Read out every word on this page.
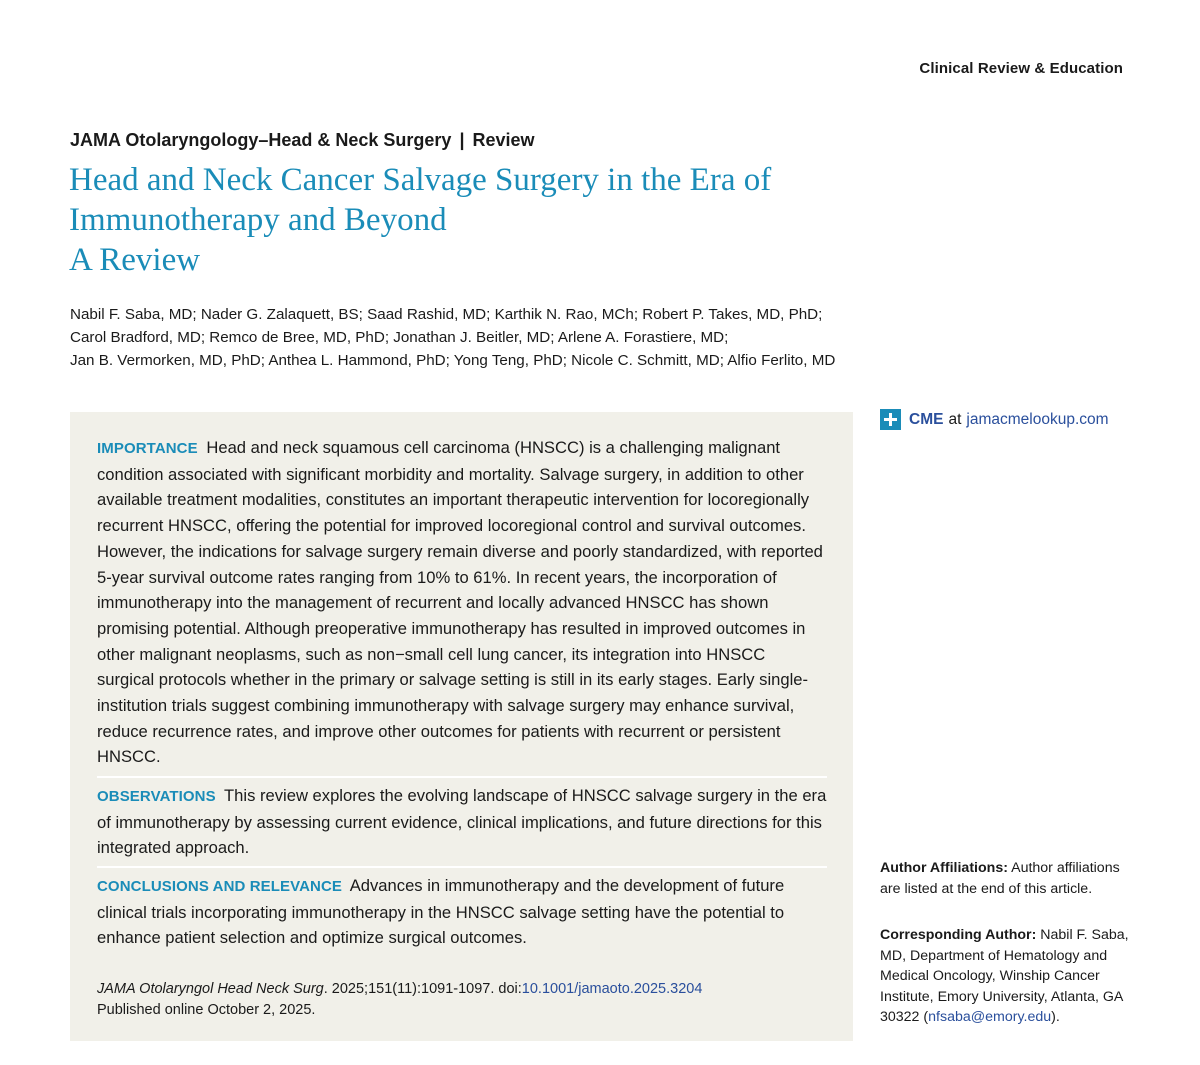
Clinical Review & Education
JAMA Otolaryngology–Head & Neck Surgery | Review
Head and Neck Cancer Salvage Surgery in the Era of Immunotherapy and Beyond
A Review
Nabil F. Saba, MD; Nader G. Zalaquett, BS; Saad Rashid, MD; Karthik N. Rao, MCh; Robert P. Takes, MD, PhD;
Carol Bradford, MD; Remco de Bree, MD, PhD; Jonathan J. Beitler, MD; Arlene A. Forastiere, MD;
Jan B. Vermorken, MD, PhD; Anthea L. Hammond, PhD; Yong Teng, PhD; Nicole C. Schmitt, MD; Alfio Ferlito, MD
IMPORTANCE Head and neck squamous cell carcinoma (HNSCC) is a challenging malignant condition associated with significant morbidity and mortality. Salvage surgery, in addition to other available treatment modalities, constitutes an important therapeutic intervention for locoregionally recurrent HNSCC, offering the potential for improved locoregional control and survival outcomes. However, the indications for salvage surgery remain diverse and poorly standardized, with reported 5-year survival outcome rates ranging from 10% to 61%. In recent years, the incorporation of immunotherapy into the management of recurrent and locally advanced HNSCC has shown promising potential. Although preoperative immunotherapy has resulted in improved outcomes in other malignant neoplasms, such as non−small cell lung cancer, its integration into HNSCC surgical protocols whether in the primary or salvage setting is still in its early stages. Early single-institution trials suggest combining immunotherapy with salvage surgery may enhance survival, reduce recurrence rates, and improve other outcomes for patients with recurrent or persistent HNSCC.
OBSERVATIONS This review explores the evolving landscape of HNSCC salvage surgery in the era of immunotherapy by assessing current evidence, clinical implications, and future directions for this integrated approach.
CONCLUSIONS AND RELEVANCE Advances in immunotherapy and the development of future clinical trials incorporating immunotherapy in the HNSCC salvage setting have the potential to enhance patient selection and optimize surgical outcomes.
JAMA Otolaryngol Head Neck Surg. 2025;151(11):1091-1097. doi:10.1001/jamaoto.2025.3204
Published online October 2, 2025.
CME at jamacmelookup.com
Author Affiliations: Author affiliations are listed at the end of this article.
Corresponding Author: Nabil F. Saba, MD, Department of Hematology and Medical Oncology, Winship Cancer Institute, Emory University, Atlanta, GA 30322 (nfsaba@emory.edu).
